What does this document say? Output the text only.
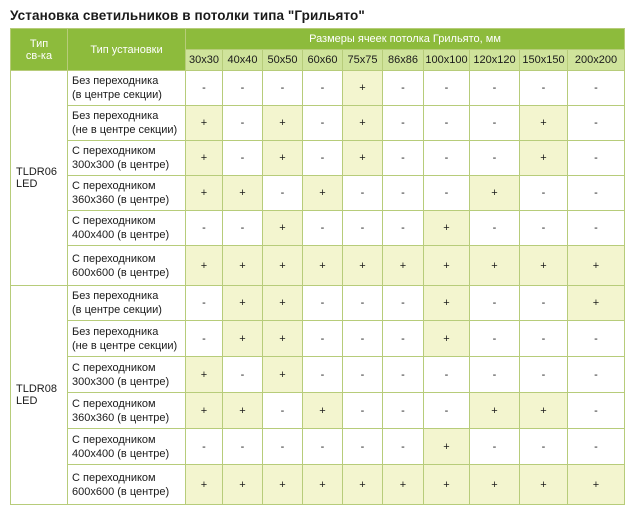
Установка светильников в потолки типа "Грильято"
Тип
св-ка	Тип установки	Размеры ячеек потолка Грильято, мм									
		30x30	40x40	50x50	60x60	75x75	86x86	100x100	120x120	150x150	200x200
TLDR06
LED	Без переходника
(в центре секции)	-	-	-	-	+	-	-	-	-	-
	Без переходника
(не в центре секции)	+	-	+	-	+	-	-	-	+	-
	С переходником
300x300 (в центре)	+	-	+	-	+	-	-	-	+	-
	С переходником
360x360 (в центре)	+	+	-	+	-	-	-	+	-	-
	С переходником
400x400 (в центре)	-	-	+	-	-	-	+	-	-	-
	С переходником
600x600 (в центре)	+	+	+	+	+	+	+	+	+	+
TLDR08
LED	Без переходника
(в центре секции)	-	+	+	-	-	-	+	-	-	+
	Без переходника
(не в центре секции)	-	+	+	-	-	-	+	-	-	-
	С переходником
300x300 (в центре)	+	-	+	-	-	-	-	-	-	-
	С переходником
360x360 (в центре)	+	+	-	+	-	-	-	+	+	-
	С переходником
400x400 (в центре)	-	-	-	-	-	-	+	-	-	-
	С переходником
600x600 (в центре)	+	+	+	+	+	+	+	+	+	+
